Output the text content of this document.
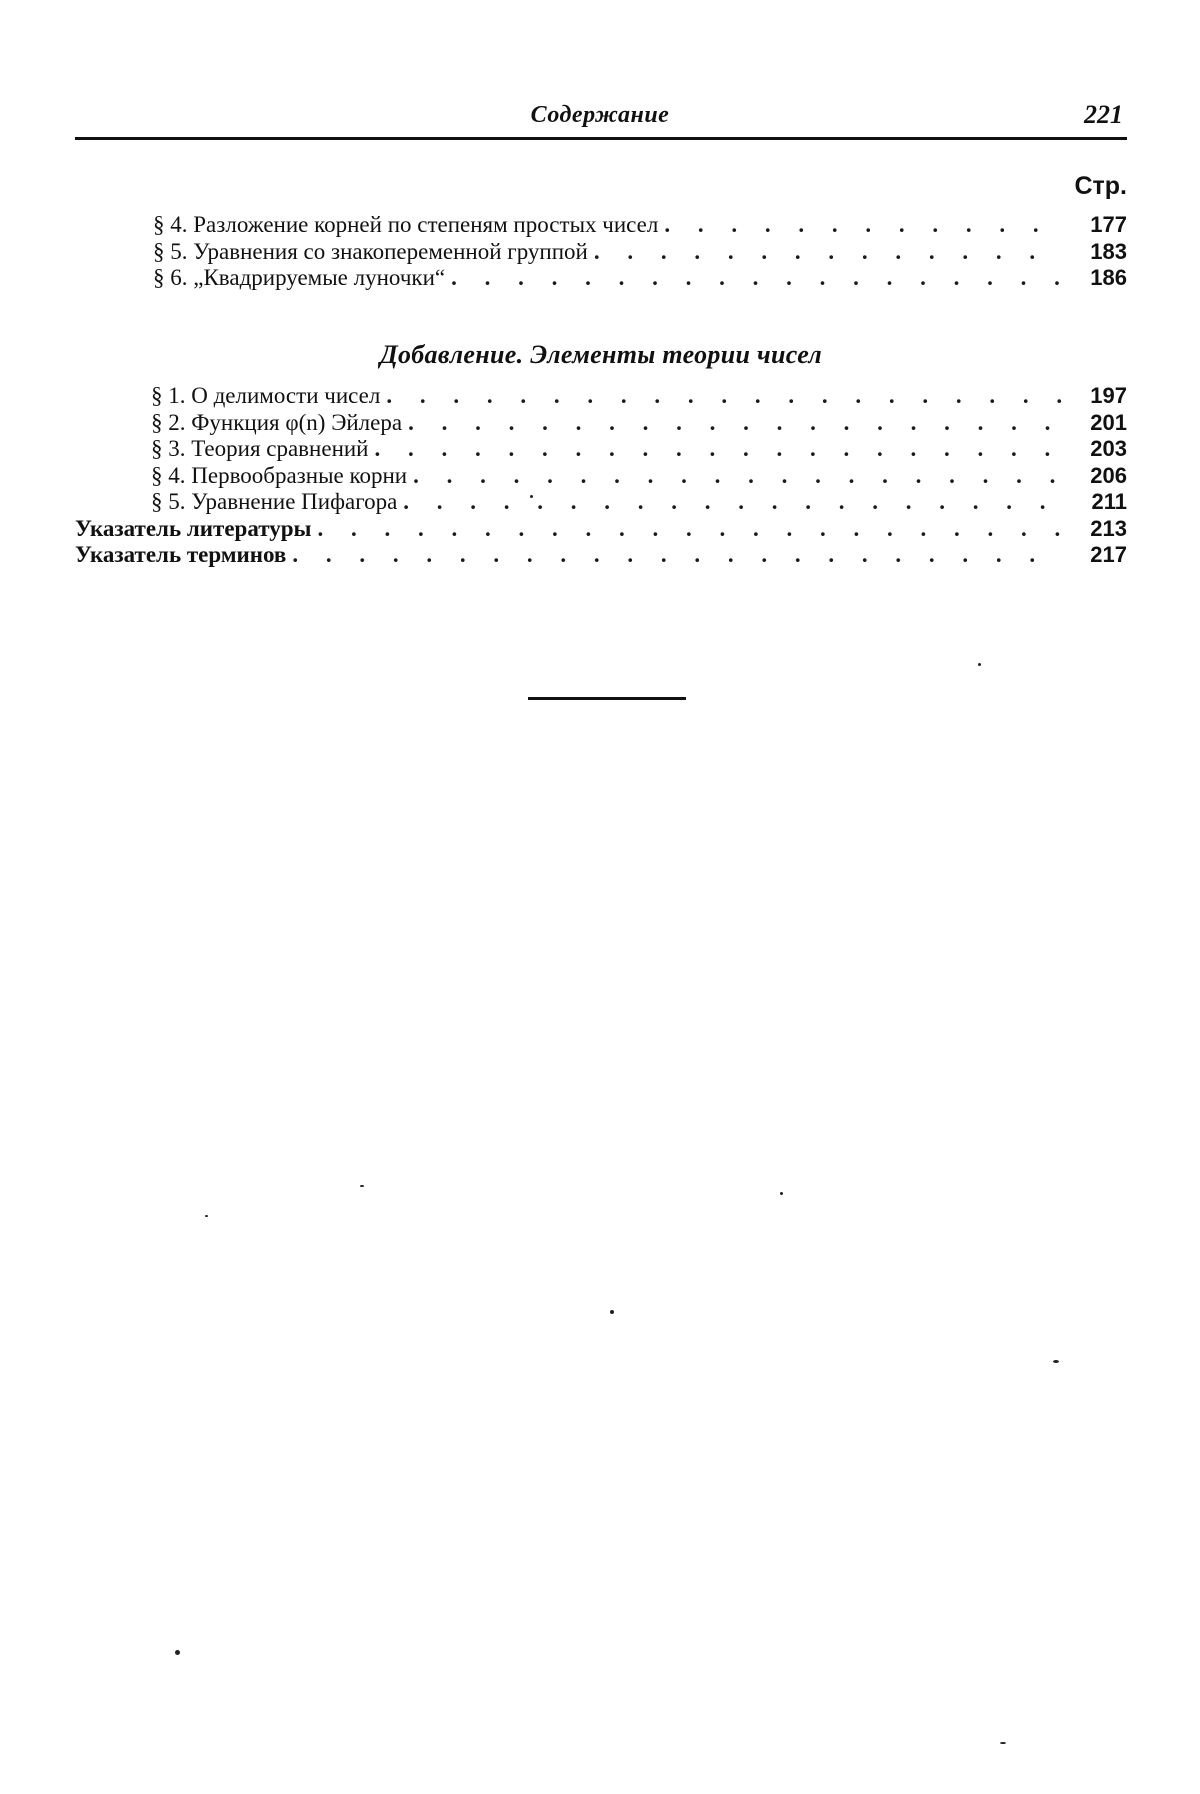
Содержание	221
Стр.
§ 4. Разложение корней по степеням простых чисел . . .	177
§ 5. Уравнения со знакопеременной группой . . .	183
§ 6. „Квадрируемые луночки“ . . .	186
Добавление. Элементы теории чисел
§ 1. О делимости чисел . . .	197
§ 2. Функция φ(n) Эйлера . . .	201
§ 3. Теория сравнений . . .	203
§ 4. Первообразные корни . . .	206
§ 5. Уравнение Пифагора . . .	211
Указатель литературы . . .	213
Указатель терминов . . .	217
